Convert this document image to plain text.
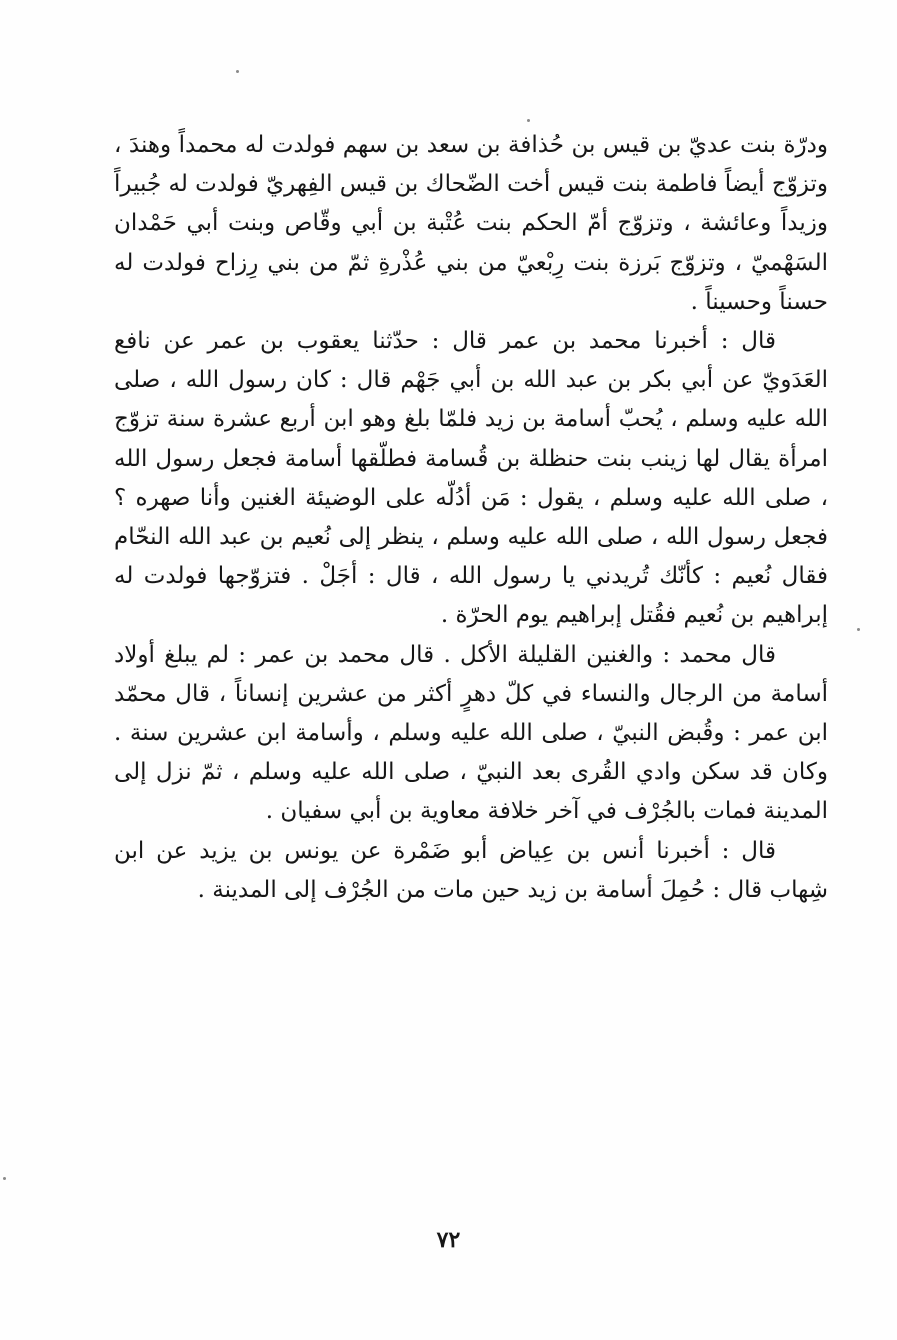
ودرّة بنت عديّ بن قيس بن حُذافة بن سعد بن سهم فولدت له محمداً وهندَ ، وتزوّج أيضاً فاطمة بنت قيس أخت الضّحاك بن قيس الفِهريّ فولدت له جُبيراً وزيداً وعائشة ، وتزوّج أمّ الحكم بنت عُتْبة بن أبي وقّاص وبنت أبي حَمْدان السَهْميّ ، وتزوّج بَرزة بنت رِبْعيّ من بني عُذْرةِ ثمّ من بني رِزاح فولدت له حسناً وحسيناً .

قال : أخبرنا محمد بن عمر قال : حدّثنا يعقوب بن عمر عن نافع العَدَويّ عن أبي بكر بن عبد الله بن أبي جَهْم قال : كان رسول الله ، صلى الله عليه وسلم ، يُحبّ أسامة بن زيد فلمّا بلغ وهو ابن أربع عشرة سنة تزوّج امرأة يقال لها زينب بنت حنظلة بن قُسامة فطلّقها أسامة فجعل رسول الله ، صلى الله عليه وسلم ، يقول : مَن أدُلّه على الوضيئة الغنين وأنا صهره ؟ فجعل رسول الله ، صلى الله عليه وسلم ، ينظر إلى نُعيم بن عبد الله النحّام فقال نُعيم : كأنّك تُريدني يا رسول الله ، قال : أجَلْ . فتزوّجها فولدت له إبراهيم بن نُعيم فقُتل إبراهيم يوم الحرّة .

قال محمد : والغنين القليلة الأكل . قال محمد بن عمر : لم يبلغ أولاد أسامة من الرجال والنساء في كلّ دهرٍ أكثر من عشرين إنساناً ، قال محمّد ابن عمر : وقُبض النبيّ ، صلى الله عليه وسلم ، وأسامة ابن عشرين سنة . وكان قد سكن وادي القُرى بعد النبيّ ، صلى الله عليه وسلم ، ثمّ نزل إلى المدينة فمات بالجُرْف في آخر خلافة معاوية بن أبي سفيان .

قال : أخبرنا أنس بن عِياض أبو ضَمْرة عن يونس بن يزيد عن ابن شِهاب قال : حُمِلَ أسامة بن زيد حين مات من الجُرْف إلى المدينة .

٧٢
